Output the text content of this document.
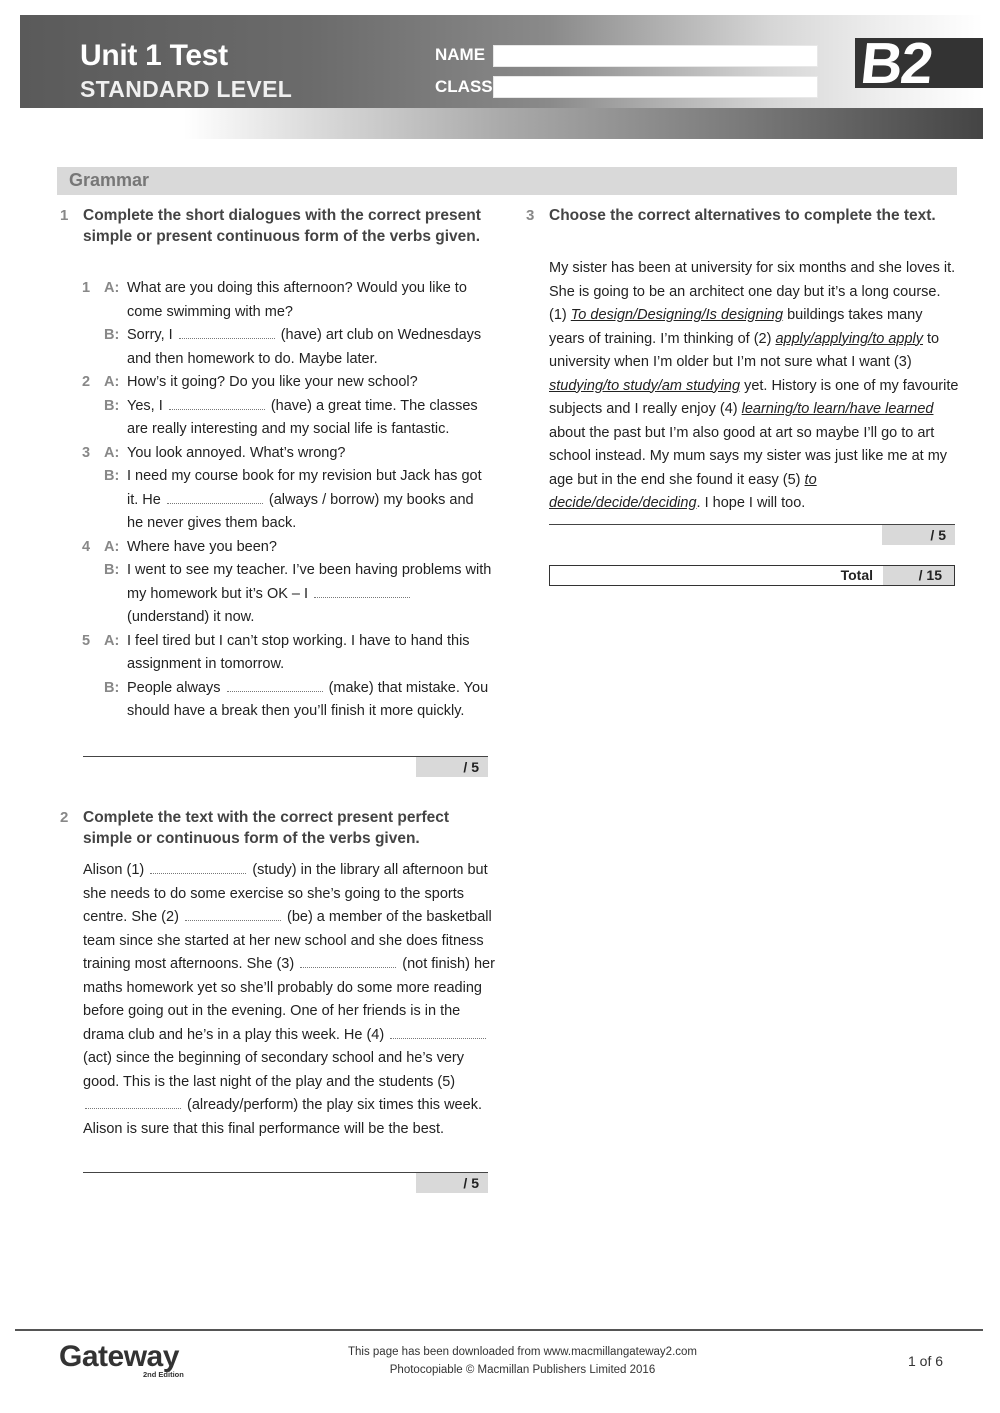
Unit 1 Test
STANDARD LEVEL
NAME
CLASS	B2
Grammar
1 Complete the short dialogues with the correct present simple or present continuous form of the verbs given.
1 A: What are you doing this afternoon? Would you like to come swimming with me?
B: Sorry, I	(have) art club on Wednesdays and then homework to do. Maybe later.
2 A: How’s it going? Do you like your new school?
B: Yes, I	(have) a great time. The classes are really interesting and my social life is fantastic.
3 A: You look annoyed. What’s wrong?
B: I need my course book for my revision but Jack has got it. He	(always / borrow) my books and he never gives them back.
4 A: Where have you been?
B: I went to see my teacher. I’ve been having problems with my homework but it’s OK – I  (understand) it now.
5 A: I feel tired but I can’t stop working. I have to hand this assignment in tomorrow.
B: People always	(make) that mistake. You should have a break then you’ll finish it more quickly.
/ 5
2 Complete the text with the correct present perfect simple or continuous form of the verbs given.
Alison (1)	(study) in the library all afternoon but she needs to do some exercise so she’s going to the sports centre. She (2)	(be) a member of the basketball team since she started at her new school and she does fitness training most afternoons. She (3)	(not finish) her maths homework yet so she’ll probably do some more reading before going out in the evening. One of her friends is in the drama club and he’s in a play this week. He (4)  (act) since the beginning of secondary school and he’s very good. This is the last night of the play and the students (5)  (already/perform) the play six times this week. Alison is sure that this final performance will be the best.
/ 5
3 Choose the correct alternatives to complete the text.
My sister has been at university for six months and she loves it. She is going to be an architect one day but it’s a long course. (1) To design/Designing/Is designing buildings takes many years of training. I’m thinking of (2) apply/applying/to apply to university when I’m older but I’m not sure what I want (3) studying/to study/am studying yet. History is one of my favourite subjects and I really enjoy (4) learning/to learn/have learned about the past but I’m also good at art so maybe I’ll go to art school instead. My mum says my sister was just like me at my age but in the end she found it easy (5) to decide/decide/deciding. I hope I will too.
/ 5
Total	/ 15
Gateway
2nd Edition
This page has been downloaded from www.macmillangateway2.com
Photocopiable © Macmillan Publishers Limited 2016
1 of 6
